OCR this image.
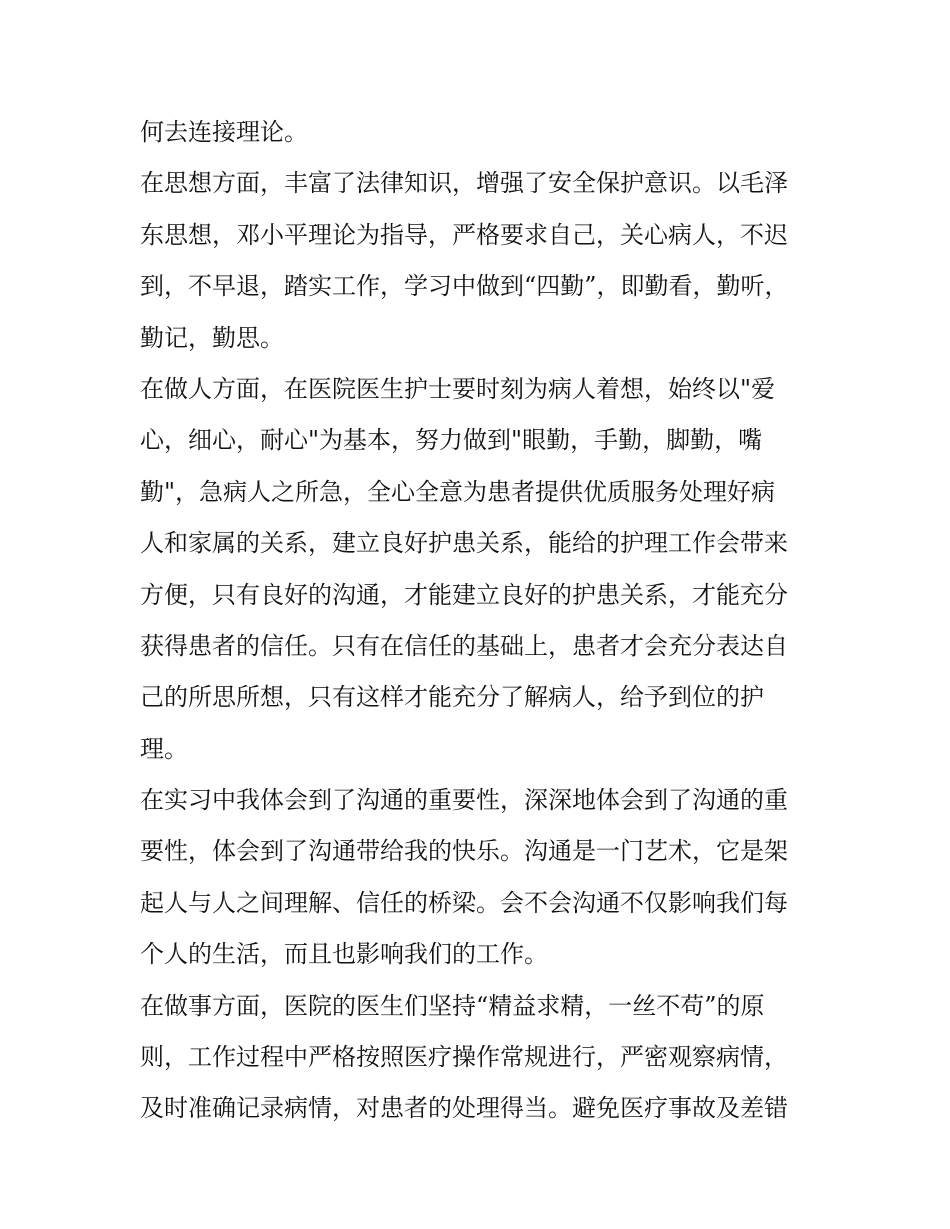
何去连接理论。
在思想方面，丰富了法律知识，增强了安全保护意识。以毛泽
东思想，邓小平理论为指导，严格要求自己，关心病人，不迟
到，不早退，踏实工作，学习中做到“四勤”，即勤看，勤听，
勤记，勤思。
在做人方面，在医院医生护士要时刻为病人着想，始终以"爱
心，细心，耐心"为基本，努力做到"眼勤，手勤，脚勤，嘴
勤"，急病人之所急，全心全意为患者提供优质服务处理好病
人和家属的关系，建立良好护患关系，能给的护理工作会带来
方便，只有良好的沟通，才能建立良好的护患关系，才能充分
获得患者的信任。只有在信任的基础上，患者才会充分表达自
己的所思所想，只有这样才能充分了解病人，给予到位的护
理。
在实习中我体会到了沟通的重要性，深深地体会到了沟通的重
要性，体会到了沟通带给我的快乐。沟通是一门艺术，它是架
起人与人之间理解、信任的桥梁。会不会沟通不仅影响我们每
个人的生活，而且也影响我们的工作。
在做事方面，医院的医生们坚持“精益求精，一丝不苟”的原
则，工作过程中严格按照医疗操作常规进行，严密观察病情，
及时准确记录病情，对患者的处理得当。避免医疗事故及差错
